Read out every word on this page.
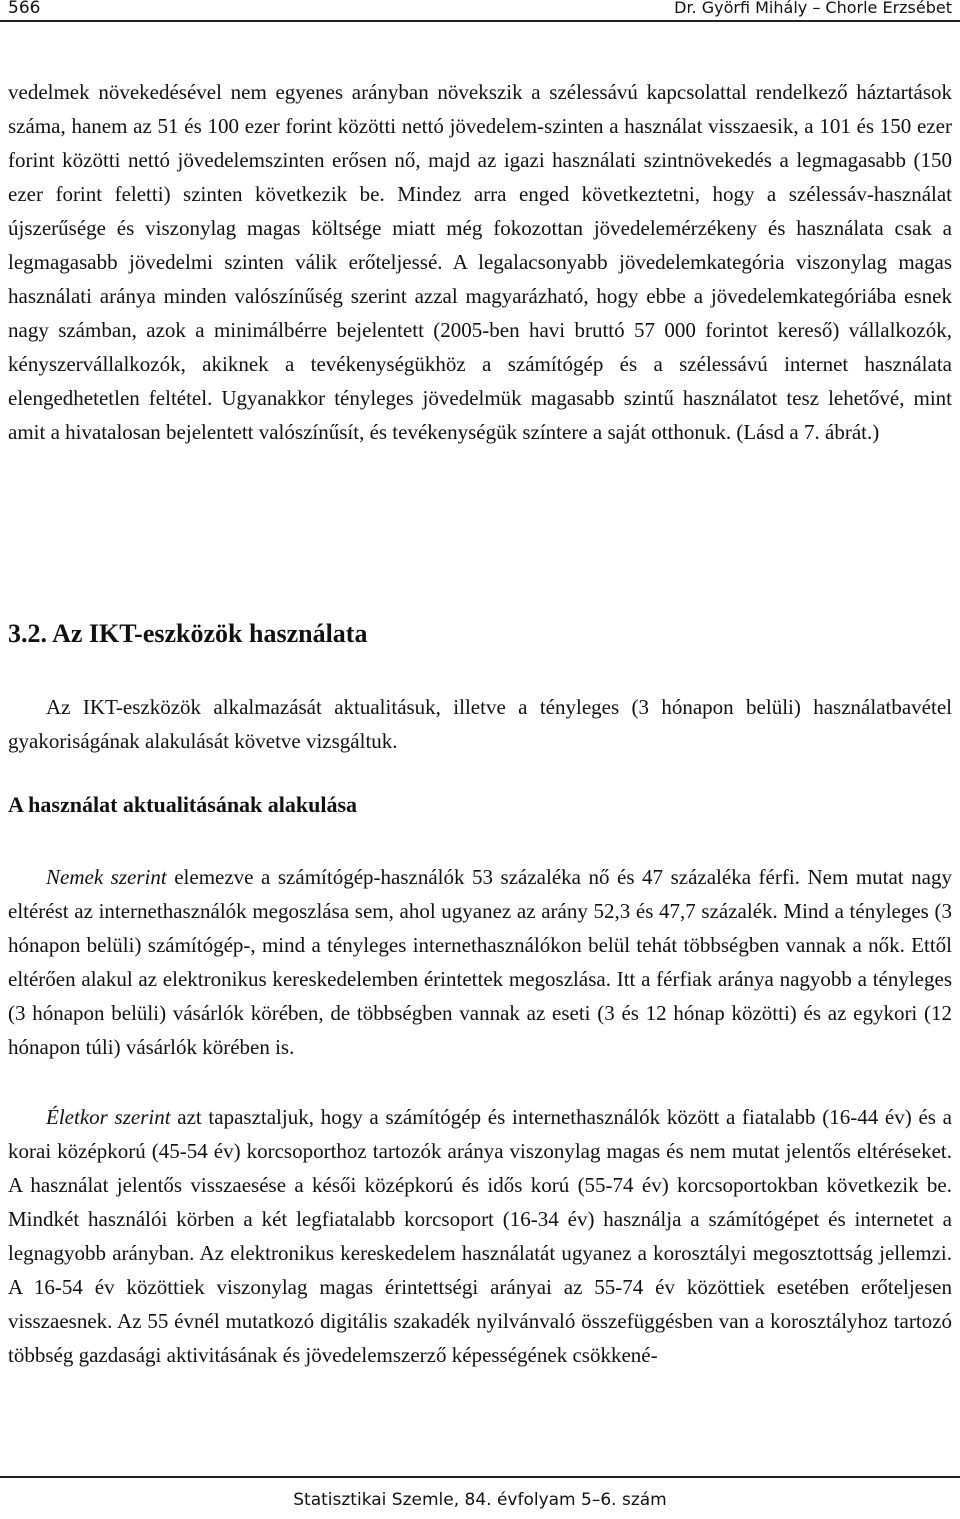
566	Dr. Györfi Mihály – Chorle Erzsébet

vedelmek növekedésével nem egyenes arányban növekszik a szélessávú kapcsolattal rendelkező háztartások száma, hanem az 51 és 100 ezer forint közötti nettó jövedelem-szinten a használat visszaesik, a 101 és 150 ezer forint közötti nettó jövedelemszinten erősen nő, majd az igazi használati szintnövekedés a legmagasabb (150 ezer forint feletti) szinten következik be. Mindez arra enged következtetni, hogy a szélessáv-használat újszerűsége és viszonylag magas költsége miatt még fokozottan jövedelemérzékeny és használata csak a legmagasabb jövedelmi szinten válik erőteljessé. A legalacsonyabb jövedelemkategória viszonylag magas használati aránya minden valószínűség szerint azzal magyarázható, hogy ebbe a jövedelemkategóriába esnek nagy számban, azok a minimálbérre bejelentett (2005-ben havi bruttó 57 000 forintot kereső) vállalkozók, kényszervállalkozók, akiknek a tevékenységükhöz a számítógép és a szélessávú internet használata elengedhetetlen feltétel. Ugyanakkor tényleges jövedelmük magasabb szintű használatot tesz lehetővé, mint amit a hivatalosan bejelentett valószínűsít, és tevékenységük színtere a saját otthonuk. (Lásd a 7. ábrát.)

3.2. Az IKT-eszközök használata

Az IKT-eszközök alkalmazását aktualitásuk, illetve a tényleges (3 hónapon belüli) használatbavétel gyakoriságának alakulását követve vizsgáltuk.

A használat aktualitásának alakulása

Nemek szerint elemezve a számítógép-használók 53 százaléka nő és 47 százaléka férfi. Nem mutat nagy eltérést az internethasználók megoszlása sem, ahol ugyanez az arány 52,3 és 47,7 százalék. Mind a tényleges (3 hónapon belüli) számítógép-, mind a tényleges internethasználókon belül tehát többségben vannak a nők. Ettől eltérően alakul az elektronikus kereskedelemben érintettek megoszlása. Itt a férfiak aránya nagyobb a tényleges (3 hónapon belüli) vásárlók körében, de többségben vannak az eseti (3 és 12 hónap közötti) és az egykori (12 hónapon túli) vásárlók körében is.

Életkor szerint azt tapasztaljuk, hogy a számítógép és internethasználók között a fiatalabb (16-44 év) és a korai középkorú (45-54 év) korcsoporthoz tartozók aránya viszonylag magas és nem mutat jelentős eltéréseket. A használat jelentős visszaesése a késői középkorú és idős korú (55-74 év) korcsoportokban következik be. Mindkét használói körben a két legfiatalabb korcsoport (16-34 év) használja a számítógépet és internetet a legnagyobb arányban. Az elektronikus kereskedelem használatát ugyanez a korosztályi megosztottság jellemzi. A 16-54 év közöttiek viszonylag magas érintettségi arányai az 55-74 év közöttiek esetében erőteljesen visszaesnek. Az 55 évnél mutatkozó digitális szakadék nyilvánvaló összefüggésben van a korosztályhoz tartozó többség gazdasági aktivitásának és jövedelemszerző képességének csökkené-

Statisztikai Szemle, 84. évfolyam 5–6. szám
